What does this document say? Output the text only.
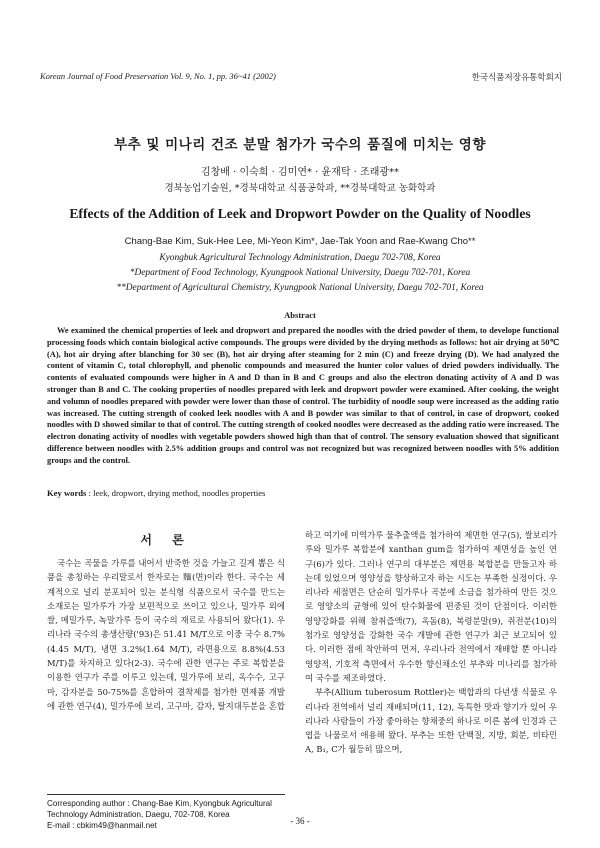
Korean Journal of Food Preservation Vol. 9, No. 1, pp. 36~41 (2002)	한국식품저장유통학회지
부추 및 미나리 건조 분말 첨가가 국수의 품질에 미치는 영향
김창배 · 이숙희 · 김미연* · 윤재탁 · 조래광**
경북농업기술원, *경북대학교 식품공학과, **경북대학교 농화학과
Effects of the Addition of Leek and Dropwort Powder on the Quality of Noodles
Chang-Bae Kim, Suk-Hee Lee, Mi-Yeon Kim*, Jae-Tak Yoon and Rae-Kwang Cho**
Kyongbuk Agricultural Technology Administration, Daegu 702-708, Korea
*Department of Food Technology, Kyungpook National University, Daegu 702-701, Korea
**Department of Agricultural Chemistry, Kyungpook National University, Daegu 702-701, Korea
Abstract
We examined the chemical properties of leek and dropwort and prepared the noodles with the dried powder of them, to develope functional processing foods which contain biological active compounds. The groups were divided by the drying methods as follows: hot air drying at 50℃ (A), hot air drying after blanching for 30 sec (B), hot air drying after steaming for 2 min (C) and freeze drying (D). We had analyzed the content of vitamin C, total chlorophyll, and phenolic compounds and measured the hunter color values of dried powders individually. The contents of evaluated compounds were higher in A and D than in B and C groups and also the electron donating activity of A and D was stronger than B and C. The cooking properties of noodles prepared with leek and dropwort powder were examined. After cooking, the weight and volumn of noodles prepared with powder were lower than those of control. The turbidity of noodle soup were increased as the adding ratio was increased. The cutting strength of cooked leek noodles with A and B powder was similar to that of control, in case of dropwort, cooked noodles with D showed similar to that of control. The cutting strength of cooked noodles were decreased as the adding ratio were increased. The electron donating activity of noodles with vegetable powders showed high than that of control. The sensory evaluation showed that significant difference between noodles with 2.5% addition groups and control was not recognized but was recognized between noodles with 5% addition groups and the control.
Key words : leek, dropwort, drying method, noodles properties
서 론

국수는 곡물을 가루를 내어서 반죽한 것을 가늘고 길게 뽑은 식품을 총칭하는 우리말로서 한자로는 麵(면)이라 한다. 국수는 세계적으로 널리 분포되어 있는 분식형 식품으로서 국수를 만드는 소재로는 밀가루가 가장 보편적으로 쓰이고 있으나, 밀가루 외에 쌀, 메밀가루, 녹말가루 등이 국수의 재료로 사용되어 왔다(1). 우리나라 국수의 총생산량('93)은 51.41 M/T으로 이중 국수 8.7%(4.45 M/T), 냉면 3.2%(1.64 M/T), 라면용으로 8.8%(4.53 M/T)를 차지하고 있다(2-3). 국수에 관한 연구는 주로 복합분을 이용한 연구가 주를 이루고 있는데, 밀가루에 보리, 옥수수, 고구마, 감자분을 50-75%를 혼합하여 결착제를 첨가한 면제품 개발에 관한 연구(4), 밀가루에 보리, 고구마, 감자, 탈지대두분을 혼합

하고 여기에 미역가루 물추출액을 첨가하여 제면한 연구(5), 쌀보리가루와 밀가루 복합분에 xanthan gum을 첨가하여 제면성을 높인 연구(6)가 있다. 그러나 연구의 대부분은 제면용 복합분을 만들고자 하는데 있었으며 영양성을 향상하고자 하는 시도는 부족한 실정이다. 우리나라 세점면은 단순히 밀가루나 곡분에 소금을 첨가하여 만든 것으로 영양소의 균형에 있어 탄수화물에 편중된 것이 단점이다. 이러한 영양강화를 위해 참취즙액(7), 옥돔(8), 복령분말(9), 쥐전분(10)의 첨가로 영양성을 강화한 국수 개발에 관한 연구가 최근 보고되어 있다. 이러한 점에 착안하여 먼저, 우리나라 전역에서 재배할 뿐 아니라 영양적, 기호적 측면에서 우수한 향신채소인 부추와 미나리를 첨가하여 국수를 제조하였다.

부추(Allium tuberosum Rottler)는 백합과의 다년생 식물로 우리나라 전역에서 널리 재배되며(11, 12), 독특한 맛과 향기가 있어 우리나라 사람들이 가장 좋아하는 향채중의 하나로 이른 봄에 인경과 근엽을 나물로서 애용해 왔다. 부추는 또한 단백질, 지방, 회분, 비타민 A, B₁, C가 월등히 많으며,

Corresponding author : Chang-Bae Kim, Kyongbuk Agricultural Technology Administration, Daegu, 702-708, Korea
E-mail : cbkim49@hanmail.net	- 36 -
